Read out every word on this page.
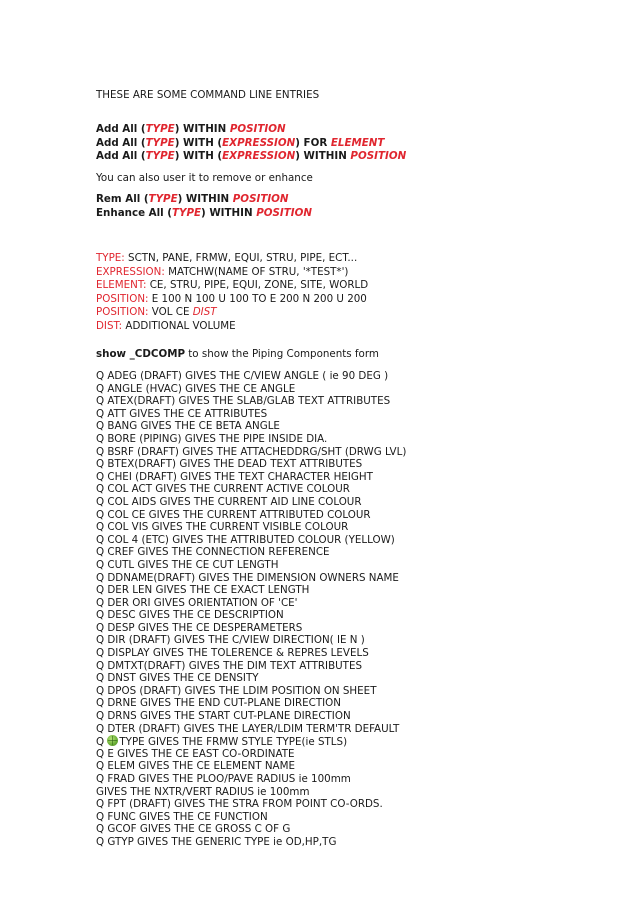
THESE ARE SOME COMMAND LINE ENTRIES
Add All (TYPE) WITHIN POSITION
Add All (TYPE) WITH (EXPRESSION) FOR ELEMENT
Add All (TYPE) WITH (EXPRESSION) WITHIN POSITION
You can also user it to remove or enhance
Rem All (TYPE) WITHIN POSITION
Enhance All (TYPE) WITHIN POSITION
TYPE: SCTN, PANE, FRMW, EQUI, STRU, PIPE, ECT...
EXPRESSION: MATCHW(NAME OF STRU, '*TEST*')
ELEMENT: CE, STRU, PIPE, EQUI, ZONE, SITE, WORLD
POSITION: E 100 N 100 U 100 TO E 200 N 200 U 200
POSITION: VOL CE DIST
DIST: ADDITIONAL VOLUME
show _CDCOMP to show the Piping Components form
Q ADEG (DRAFT) GIVES THE C/VIEW ANGLE ( ie 90 DEG )
Q ANGLE (HVAC) GIVES THE CE ANGLE
Q ATEX(DRAFT) GIVES THE SLAB/GLAB TEXT ATTRIBUTES
Q ATT GIVES THE CE ATTRIBUTES
Q BANG GIVES THE CE BETA ANGLE
Q BORE (PIPING) GIVES THE PIPE INSIDE DIA.
Q BSRF (DRAFT) GIVES THE ATTACHEDDRG/SHT (DRWG LVL)
Q BTEX(DRAFT) GIVES THE DEAD TEXT ATTRIBUTES
Q CHEI (DRAFT) GIVES THE TEXT CHARACTER HEIGHT
Q COL ACT GIVES THE CURRENT ACTIVE COLOUR
Q COL AIDS GIVES THE CURRENT AID LINE COLOUR
Q COL CE GIVES THE CURRENT ATTRIBUTED COLOUR
Q COL VIS GIVES THE CURRENT VISIBLE COLOUR
Q COL 4 (ETC) GIVES THE ATTRIBUTED COLOUR (YELLOW)
Q CREF GIVES THE CONNECTION REFERENCE
Q CUTL GIVES THE CE CUT LENGTH
Q DDNAME(DRAFT) GIVES THE DIMENSION OWNERS NAME
Q DER LEN GIVES THE CE EXACT LENGTH
Q DER ORI GIVES ORIENTATION OF 'CE'
Q DESC GIVES THE CE DESCRIPTION
Q DESP GIVES THE CE DESPERAMETERS
Q DIR (DRAFT) GIVES THE C/VIEW DIRECTION( IE N )
Q DISPLAY GIVES THE TOLERENCE & REPRES LEVELS
Q DMTXT(DRAFT) GIVES THE DIM TEXT ATTRIBUTES
Q DNST GIVES THE CE DENSITY
Q DPOS (DRAFT) GIVES THE LDIM POSITION ON SHEET
Q DRNE GIVES THE END CUT-PLANE DIRECTION
Q DRNS GIVES THE START CUT-PLANE DIRECTION
Q DTER (DRAFT) GIVES THE LAYER/LDIM TERM'TR DEFAULT
Q TYPE GIVES THE FRMW STYLE TYPE(ie STLS)
Q E GIVES THE CE EAST CO-ORDINATE
Q ELEM GIVES THE CE ELEMENT NAME
Q FRAD GIVES THE PLOO/PAVE RADIUS ie 100mm
GIVES THE NXTR/VERT RADIUS ie 100mm
Q FPT (DRAFT) GIVES THE STRA FROM POINT CO-ORDS.
Q FUNC GIVES THE CE FUNCTION
Q GCOF GIVES THE CE GROSS C OF G
Q GTYP GIVES THE GENERIC TYPE ie OD,HP,TG
